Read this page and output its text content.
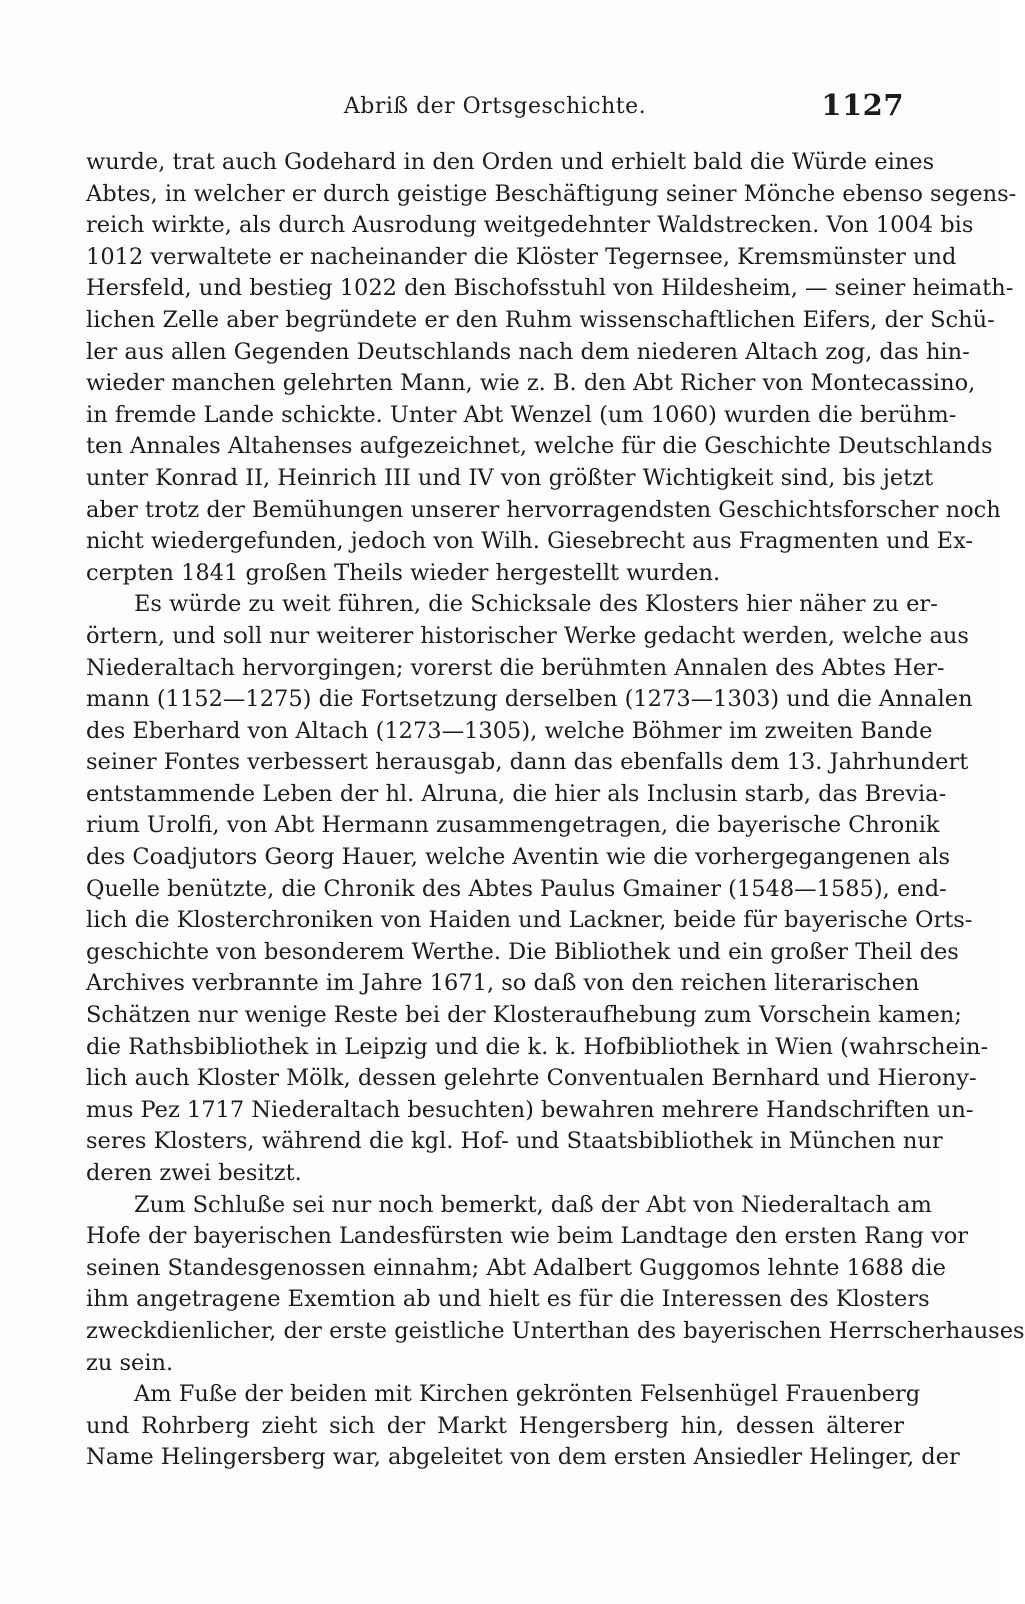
Abriß der Ortsgeschichte.	1127
wurde, trat auch Godehard in den Orden und erhielt bald die Würde eines
Abtes, in welcher er durch geistige Beschäftigung seiner Mönche ebenso segens-
reich wirkte, als durch Ausrodung weitgedehnter Waldstrecken. Von 1004 bis
1012 verwaltete er nacheinander die Klöster Tegernsee, Kremsmünster und
Hersfeld, und bestieg 1022 den Bischofsstuhl von Hildesheim, — seiner heimath-
lichen Zelle aber begründete er den Ruhm wissenschaftlichen Eifers, der Schü-
ler aus allen Gegenden Deutschlands nach dem niederen Altach zog, das hin-
wieder manchen gelehrten Mann, wie z. B. den Abt Richer von Montecassino,
in fremde Lande schickte. Unter Abt Wenzel (um 1060) wurden die berühm-
ten Annales Altahenses aufgezeichnet, welche für die Geschichte Deutschlands
unter Konrad II, Heinrich III und IV von größter Wichtigkeit sind, bis jetzt
aber trotz der Bemühungen unserer hervorragendsten Geschichtsforscher noch
nicht wiedergefunden, jedoch von Wilh. Giesebrecht aus Fragmenten und Ex-
cerpten 1841 großen Theils wieder hergestellt wurden.
Es würde zu weit führen, die Schicksale des Klosters hier näher zu er-
örtern, und soll nur weiterer historischer Werke gedacht werden, welche aus
Niederaltach hervorgingen; vorerst die berühmten Annalen des Abtes Her-
mann (1152—1275) die Fortsetzung derselben (1273—1303) und die Annalen
des Eberhard von Altach (1273—1305), welche Böhmer im zweiten Bande
seiner Fontes verbessert herausgab, dann das ebenfalls dem 13. Jahrhundert
entstammende Leben der hl. Alruna, die hier als Inclusin starb, das Brevia-
rium Urolfi, von Abt Hermann zusammengetragen, die bayerische Chronik
des Coadjutors Georg Hauer, welche Aventin wie die vorhergegangenen als
Quelle benützte, die Chronik des Abtes Paulus Gmainer (1548—1585), end-
lich die Klosterchroniken von Haiden und Lackner, beide für bayerische Orts-
geschichte von besonderem Werthe. Die Bibliothek und ein großer Theil des
Archives verbrannte im Jahre 1671, so daß von den reichen literarischen
Schätzen nur wenige Reste bei der Klosteraufhebung zum Vorschein kamen;
die Rathsbibliothek in Leipzig und die k. k. Hofbibliothek in Wien (wahrschein-
lich auch Kloster Mölk, dessen gelehrte Conventualen Bernhard und Hierony-
mus Pez 1717 Niederaltach besuchten) bewahren mehrere Handschriften un-
seres Klosters, während die kgl. Hof- und Staatsbibliothek in München nur
deren zwei besitzt.
Zum Schluße sei nur noch bemerkt, daß der Abt von Niederaltach am
Hofe der bayerischen Landesfürsten wie beim Landtage den ersten Rang vor
seinen Standesgenossen einnahm; Abt Adalbert Guggomos lehnte 1688 die
ihm angetragene Exemtion ab und hielt es für die Interessen des Klosters
zweckdienlicher, der erste geistliche Unterthan des bayerischen Herrscherhauses
zu sein.
Am Fuße der beiden mit Kirchen gekrönten Felsenhügel Frauenberg
und Rohrberg zieht sich der Markt Hengersberg hin, dessen älterer
Name Helingersberg war, abgeleitet von dem ersten Ansiedler Helinger, der
